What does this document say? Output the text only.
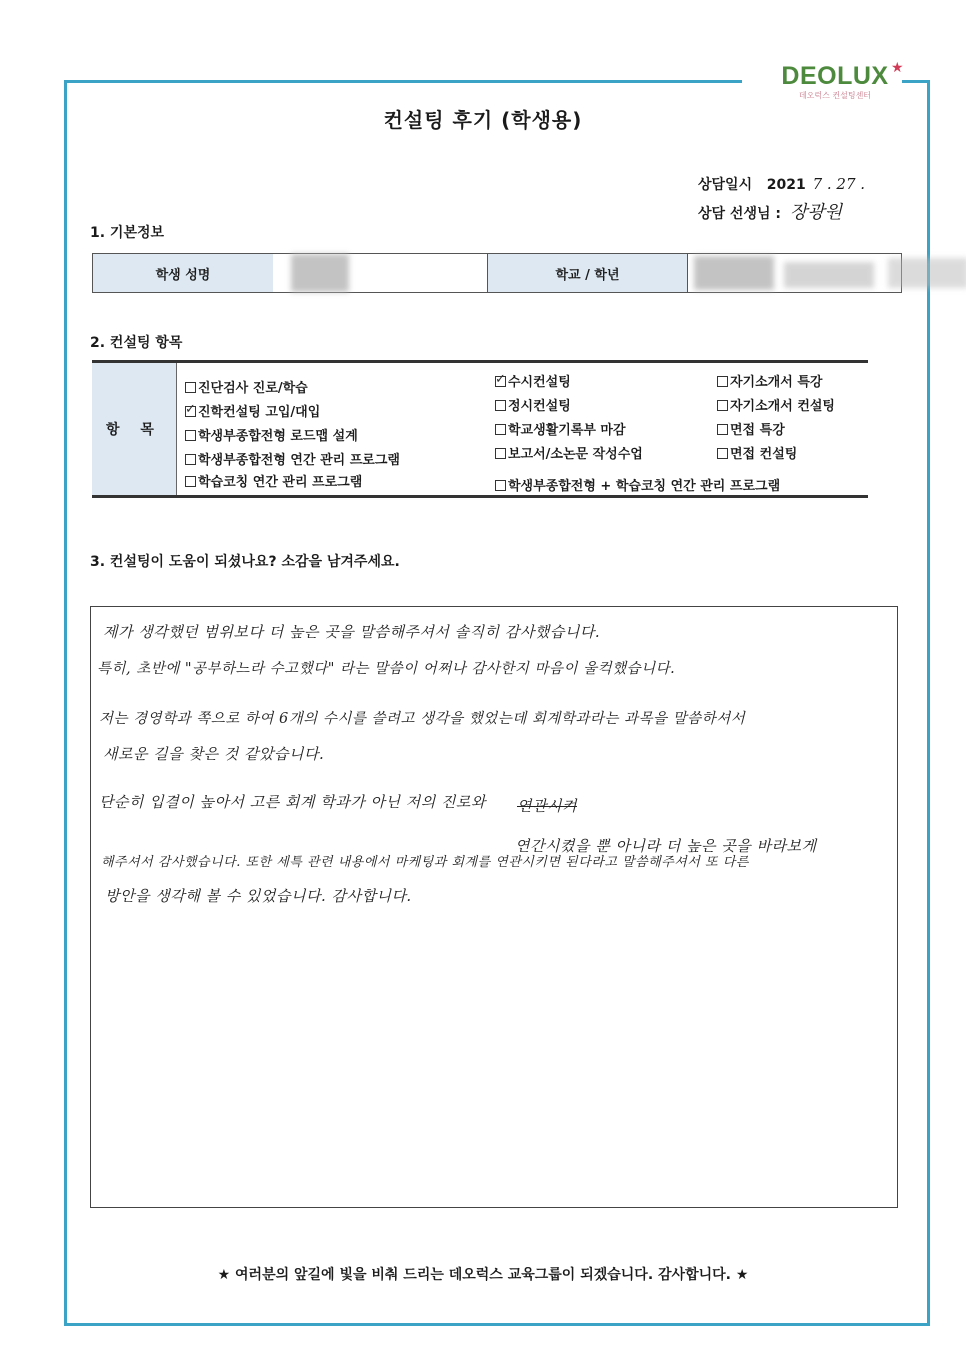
DEOLUX ★
데오럭스 컨설팅센터
컨설팅 후기 (학생용)
상담일시 2021 7 . 27 .
상담 선생님 : 장광원
1. 기본정보
학생 성명	학교 / 학년
2. 컨설팅 항목
항 목
진단검사 진로/학습
✓진학컨설팅 고입/대입
학생부종합전형 로드맵 설계
학생부종합전형 연간 관리 프로그램
학습코칭 연간 관리 프로그램
✓수시컨설팅
정시컨설팅
학교생활기록부 마감
보고서/소논문 작성수업
학생부종합전형 + 학습코칭 연간 관리 프로그램
자기소개서 특강
자기소개서 컨설팅
면접 특강
면접 컨설팅
3. 컨설팅이 도움이 되셨나요? 소감을 남겨주세요.
제가 생각했던 범위보다 더 높은 곳을 말씀해주셔서 솔직히 감사했습니다.
특히, 초반에 "공부하느라 수고했다" 라는 말씀이 어쩌나 감사한지 마음이 울컥했습니다.
저는 경영학과 쪽으로 하여 6개의 수시를 쓸려고 생각을 했었는데 회계학과라는 과목을 말씀하셔서
새로운 길을 찾은 것 같았습니다.
단순히 입결이 높아서 고른 회계 학과가 아닌 저의 진로와 연관시켜
연간시켰을 뿐 아니라 더 높은 곳을 바라보게
해주셔서 감사했습니다. 또한 세특 관련 내용에서 마케팅과 회계를 연관시키면 된다라고 말씀해주셔서 또 다른
방안을 생각해 볼 수 있었습니다. 감사합니다.
★ 여러분의 앞길에 빛을 비춰 드리는 데오럭스 교육그룹이 되겠습니다. 감사합니다. ★
